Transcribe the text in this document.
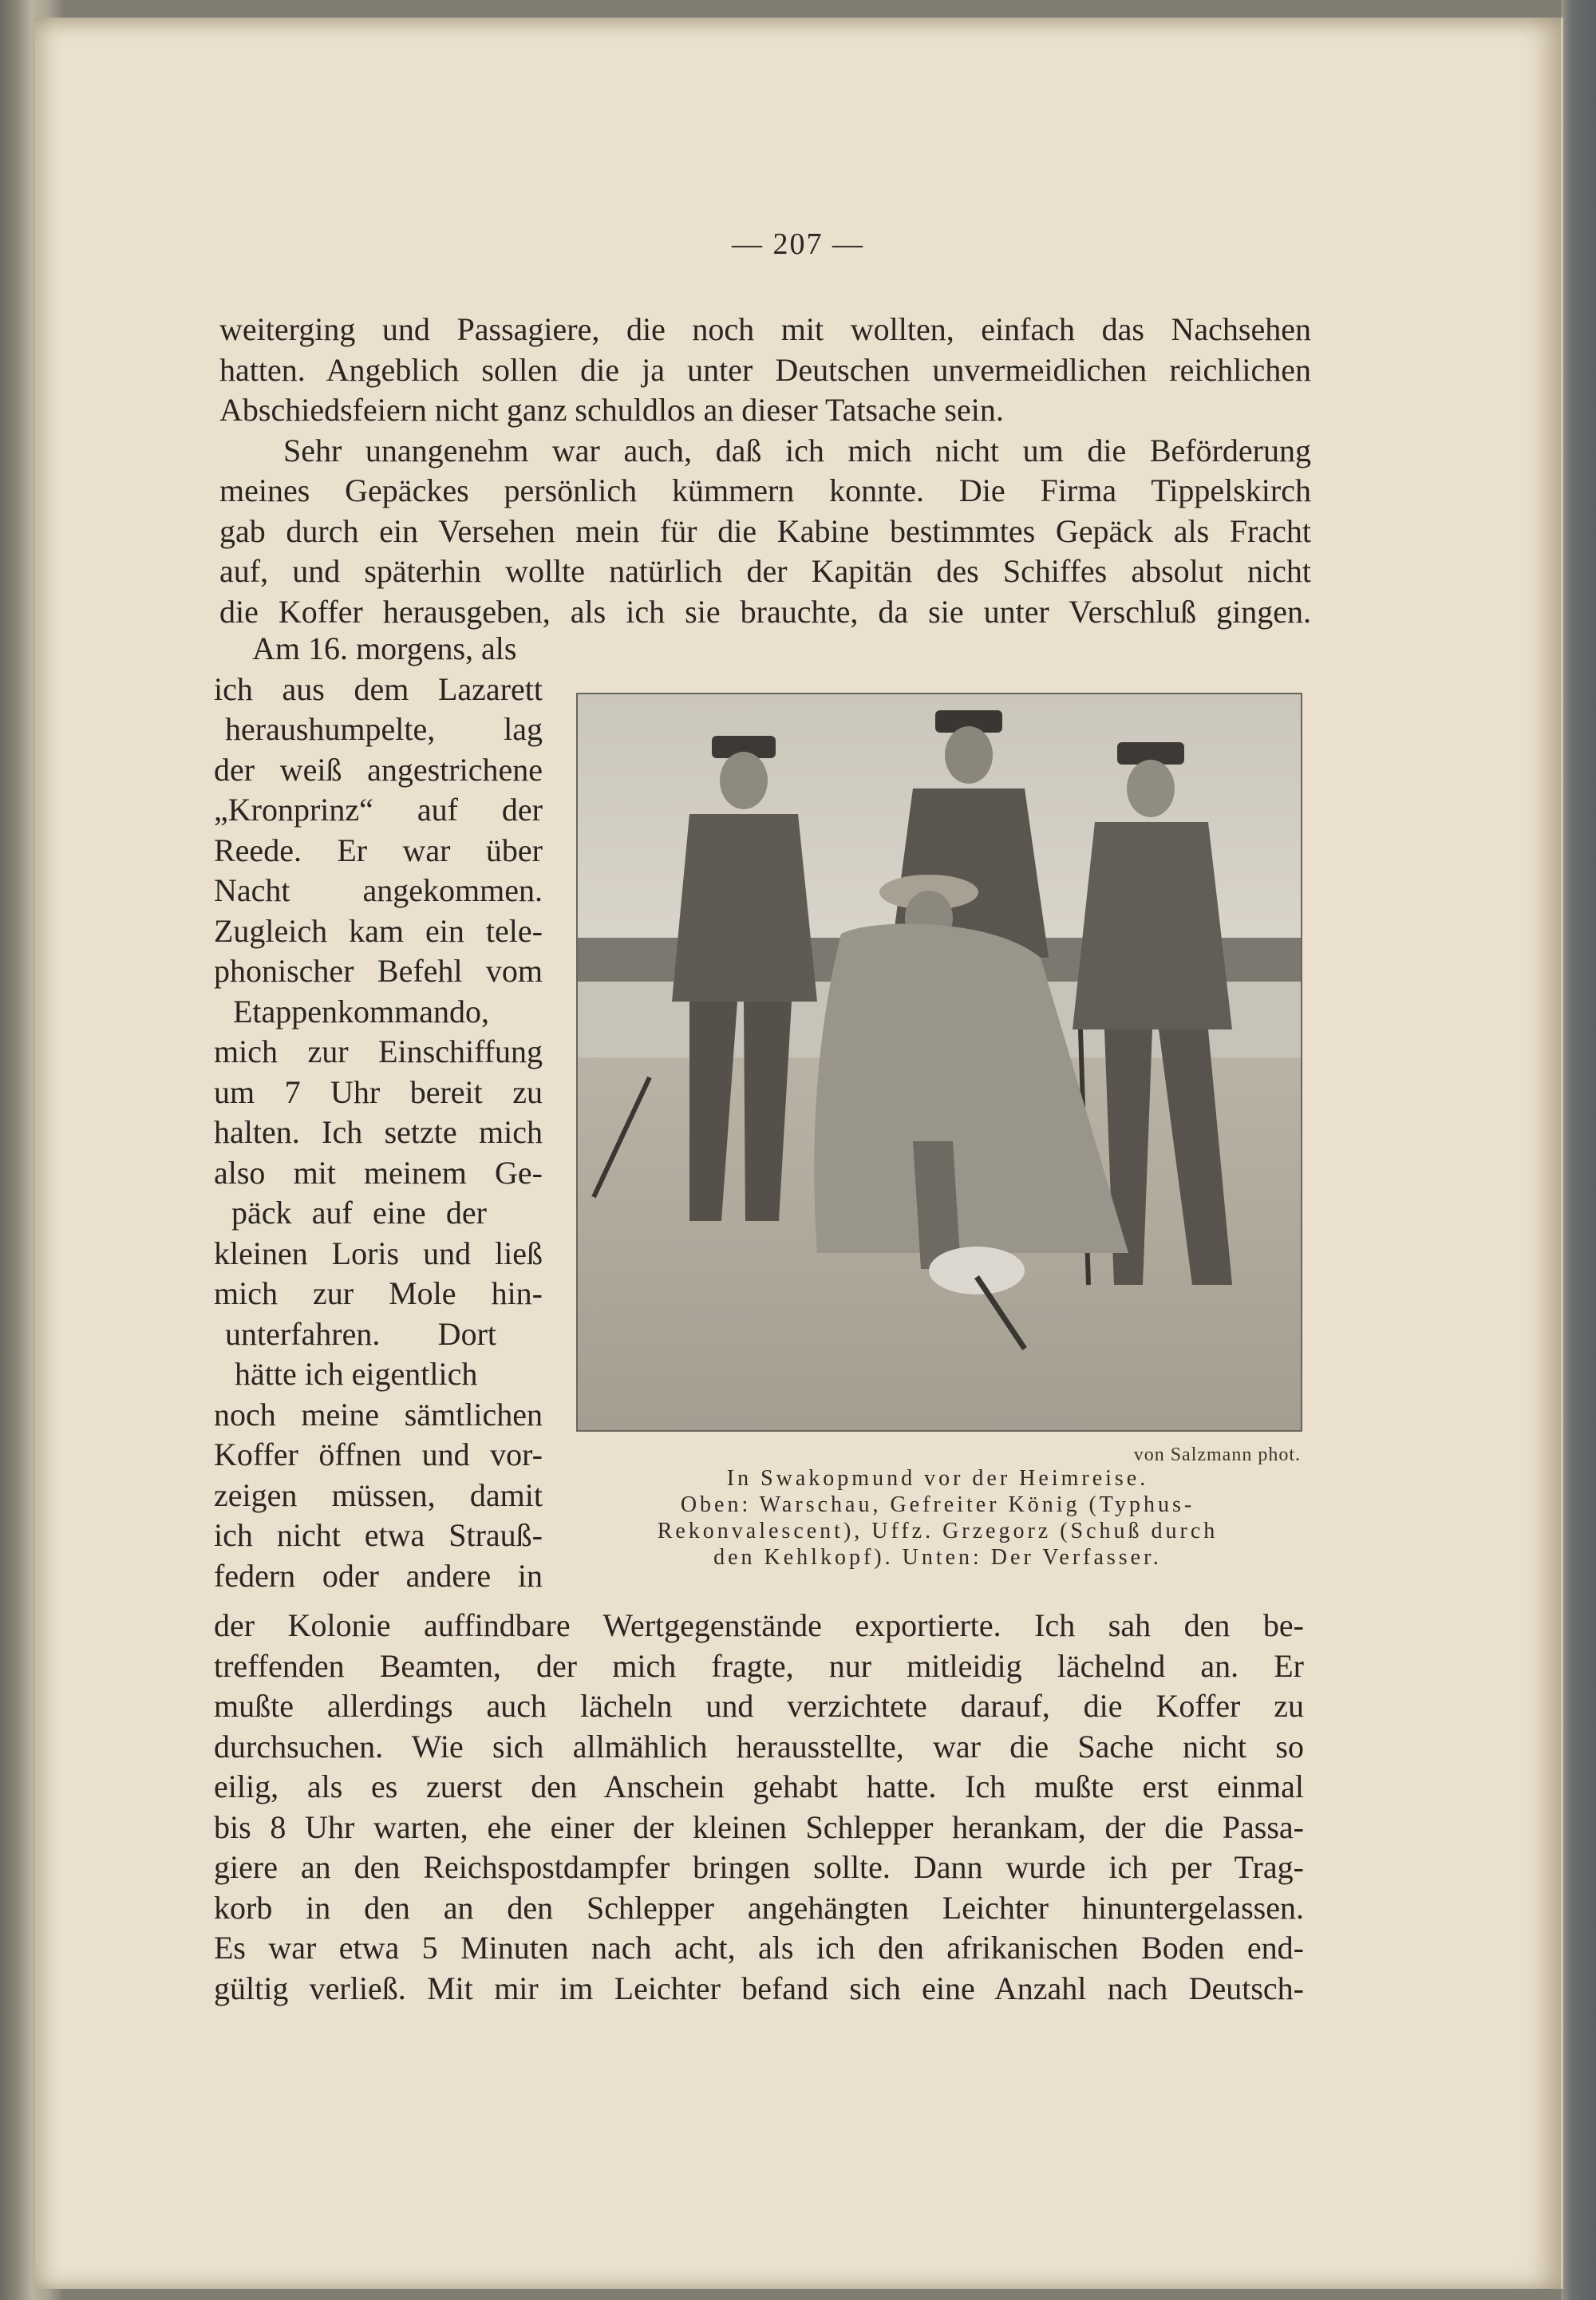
— 207 —
weiterging und Passagiere, die noch mit wollten, einfach das Nachsehen
hatten. Angeblich sollen die ja unter Deutschen unvermeidlichen reichlichen
Abschiedsfeiern nicht ganz schuldlos an dieser Tatsache sein.
Sehr unangenehm war auch, daß ich mich nicht um die Beförderung
meines Gepäckes persönlich kümmern konnte. Die Firma Tippelskirch
gab durch ein Versehen mein für die Kabine bestimmtes Gepäck als Fracht
auf, und späterhin wollte natürlich der Kapitän des Schiffes absolut nicht
die Koffer herausgeben, als ich sie brauchte, da sie unter Verschluß gingen.
Am 16. morgens, als
ich aus dem Lazarett
heraushumpelte, lag
der weiß angestrichene
„Kronprinz“ auf der
Reede. Er war über
Nacht angekommen.
Zugleich kam ein tele-
phonischer Befehl vom
Etappenkommando,
mich zur Einschiffung
um 7 Uhr bereit zu
halten. Ich setzte mich
also mit meinem Ge-
päck auf eine der
kleinen Loris und ließ
mich zur Mole hin-
unterfahren. Dort
hätte ich eigentlich
noch meine sämtlichen
Koffer öffnen und vor-
zeigen müssen, damit
ich nicht etwa Strauß-
federn oder andere in
von Salzmann phot.
In Swakopmund vor der Heimreise.
Oben: Warschau, Gefreiter König (Typhus-
Rekonvalescent), Uffz. Grzegorz (Schuß durch
den Kehlkopf). Unten: Der Verfasser.
der Kolonie auffindbare Wertgegenstände exportierte. Ich sah den be-
treffenden Beamten, der mich fragte, nur mitleidig lächelnd an. Er
mußte allerdings auch lächeln und verzichtete darauf, die Koffer zu
durchsuchen. Wie sich allmählich herausstellte, war die Sache nicht so
eilig, als es zuerst den Anschein gehabt hatte. Ich mußte erst einmal
bis 8 Uhr warten, ehe einer der kleinen Schlepper herankam, der die Passa-
giere an den Reichspostdampfer bringen sollte. Dann wurde ich per Trag-
korb in den an den Schlepper angehängten Leichter hinuntergelassen.
Es war etwa 5 Minuten nach acht, als ich den afrikanischen Boden end-
gültig verließ. Mit mir im Leichter befand sich eine Anzahl nach Deutsch-
